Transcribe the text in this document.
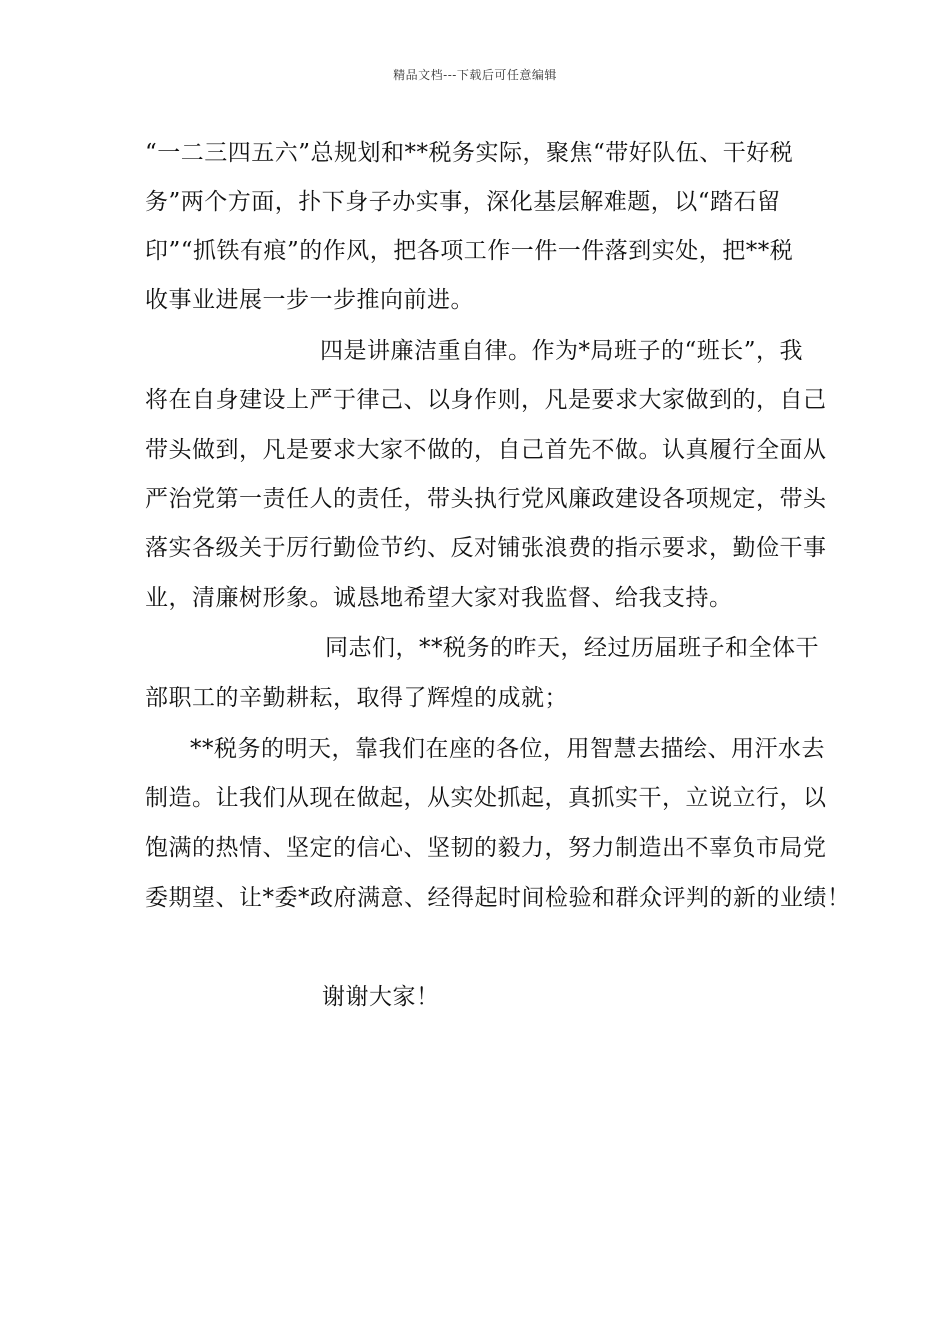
精品文档---下载后可任意编辑
“一二三四五六”总规划和**税务实际，聚焦“带好队伍、干好税
务”两个方面，扑下身子办实事，深化基层解难题，以“踏石留
印”“抓铁有痕”的作风，把各项工作一件一件落到实处，把**税
收事业进展一步一步推向前进。
四是讲廉洁重自律。作为*局班子的“班长”，我
将在自身建设上严于律己、以身作则，凡是要求大家做到的，自己
带头做到，凡是要求大家不做的，自己首先不做。认真履行全面从
严治党第一责任人的责任，带头执行党风廉政建设各项规定，带头
落实各级关于厉行勤俭节约、反对铺张浪费的指示要求，勤俭干事
业，清廉树形象。诚恳地希望大家对我监督、给我支持。
同志们，**税务的昨天，经过历届班子和全体干
部职工的辛勤耕耘，取得了辉煌的成就；
**税务的明天，靠我们在座的各位，用智慧去描绘、用汗水去
制造。让我们从现在做起，从实处抓起，真抓实干，立说立行，以
饱满的热情、坚定的信心、坚韧的毅力，努力制造出不辜负市局党
委期望、让*委*政府满意、经得起时间检验和群众评判的新的业绩！
谢谢大家！
